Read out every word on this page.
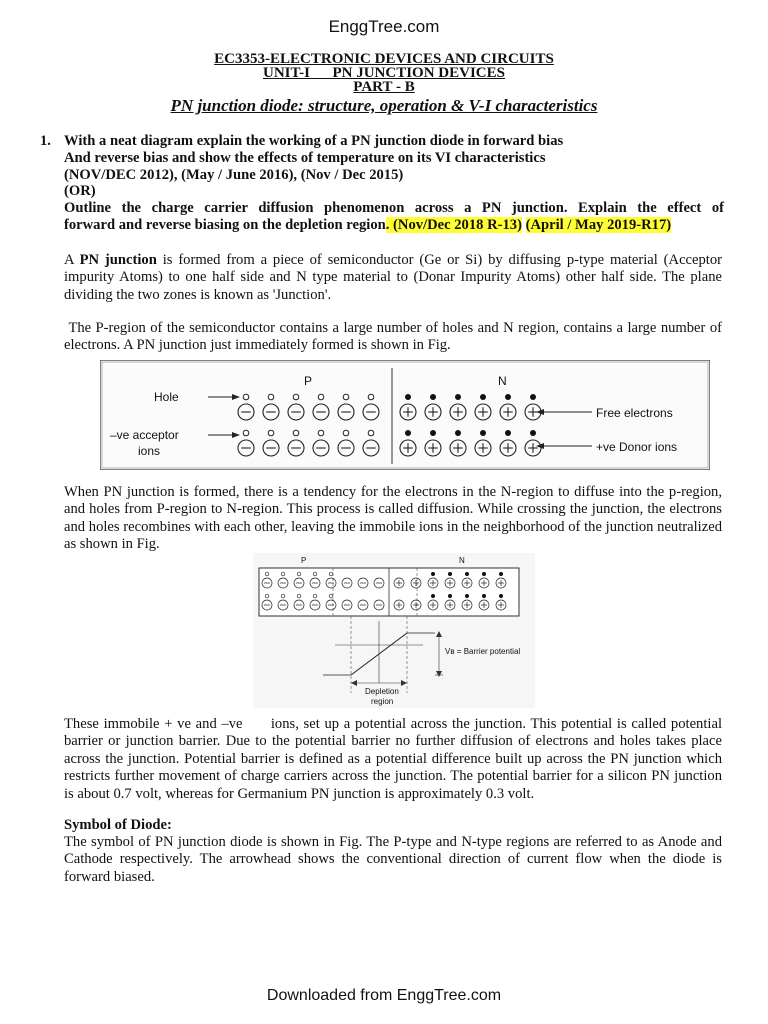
EnggTree.com
EC3353-ELECTRONIC DEVICES AND CIRCUITS
UNIT-I      PN JUNCTION DEVICES
PART - B
PN junction diode: structure, operation & V-I characteristics
1. With a neat diagram explain the working of a PN junction diode in forward bias
And reverse bias and show the effects of temperature on its VI characteristics
(NOV/DEC 2012), (May / June 2016), (Nov / Dec 2015)
(OR)
Outline the charge carrier diffusion phenomenon across a PN junction. Explain the effect of
forward and reverse biasing on the depletion region. (Nov/Dec 2018 R-13) (April / May 2019-R17)
A PN junction is formed from a piece of semiconductor (Ge or Si) by diffusing p-type material (Acceptor impurity Atoms) to one half side and N type material to (Donar Impurity Atoms) other half side. The plane dividing the two zones is known as 'Junction'.
The P-region of the semiconductor contains a large number of holes and N region, contains a large number of electrons. A PN junction just immediately formed is shown in Fig.
P	N
Hole
–ve acceptor
ions
Free electrons
+ve Donor ions
When PN junction is formed, there is a tendency for the electrons in the N-region to diffuse into the p-region, and holes from P-region to N-region. This process is called diffusion. While crossing the junction, the electrons and holes recombines with each other, leaving the immobile ions in the neighborhood of the junction neutralized as shown in Fig.
P	N
Vʙ = Barrier potential
Depletion
region
These immobile + ve and –ve      ions, set up a potential across the junction. This potential is called potential barrier or junction barrier. Due to the potential barrier no further diffusion of electrons and holes takes place across the junction. Potential barrier is defined as a potential difference built up across the PN junction which restricts further movement of charge carriers across the junction. The potential barrier for a silicon PN junction is about 0.7 volt, whereas for Germanium PN junction is approximately 0.3 volt.
Symbol of Diode:
The symbol of PN junction diode is shown in Fig. The P-type and N-type regions are referred to as Anode and Cathode respectively. The arrowhead shows the conventional direction of current flow when the diode is forward biased.
Downloaded from EnggTree.com
